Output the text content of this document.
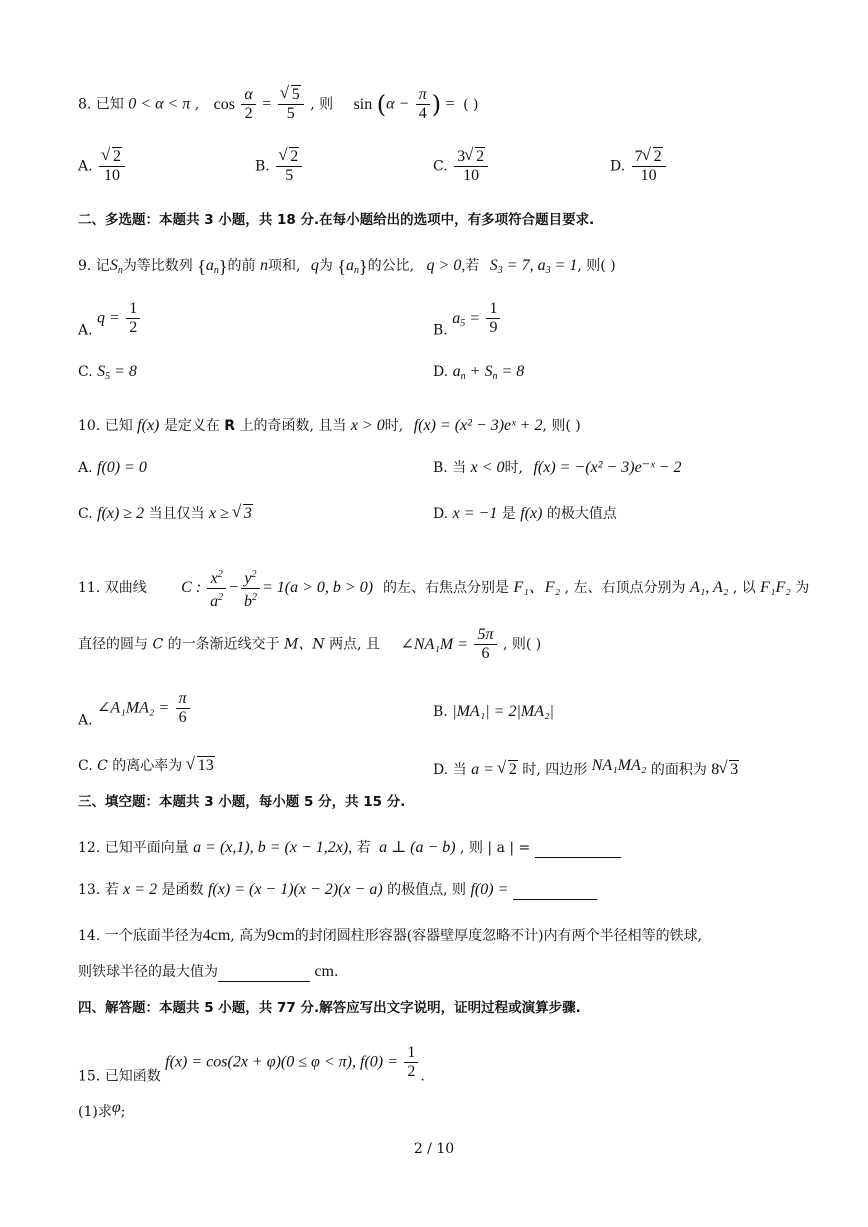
8. 已知 0 < α < π , $\cos \frac{\alpha}{2}$ = √ $\frac{5}{5}$ , 则 $\sin (\alpha - \frac{\pi}{4}$ ) = ( )
A. √ $\frac{2}{10}$	B. √ $\frac{2}{5}$	C. $\frac{3 √ 2}{10}$	D. $\frac{7 √ 2}{10}$
二、多选题：本题共 3 小题，共 18 分.在每小题给出的选项中，有多项符合题目要求.
9. 记$S_n$为等比数列 $\{a_n\}$的前 n项和, q为 $\{a_n\}$的公比, q > 0,若 $S_3 = 7$, $a_3 = 1$, 则( )
A. $q = \frac{1}{2}$	B. $a_5 = \frac{1}{9}$
C. $S_5 = 8$	D. $a_n + S_n = 8$
10. 已知 f(x) 是定义在 R 上的奇函数, 且当 x > 0时, f(x) = (x² − 3)eˣ + 2, 则( )
A. f(0) = 0	B. 当 x < 0时, f(x) = −(x² − 3)e⁻ˣ − 2
C. f(x) ≥ 2 当且仅当 x ≥ √ 3	D. x = −1 是 f(x) 的极大值点
11. 双曲线 C : $\frac{x^2}{a^2} - \frac{y^2}{b^2} = 1(a > 0$, b > 0) 的左、右焦点分别是 F₁、F₂ , 左、右顶点分别为 A₁, A₂ , 以 F₁F₂ 为
直径的圆与 C 的一条渐近线交于 M、N 两点, 且 ∠NA₁M = $\frac{5\pi}{6}$ , 则( )
A. ∠A₁MA₂ = $\frac{\pi}{6}$	B. |MA₁| = 2|MA₂|
C. C 的离心率为 √ 13	D. 当 a = √ 2 时, 四边形 NA₁MA₂ 的面积为 8 √ 3
三、填空题：本题共 3 小题，每小题 5 分，共 15 分.
12. 已知平面向量 a = (x,1), b = (x − 1,2x), 若 a ⊥ (a − b) , 则 | a | =
13. 若 x = 2 是函数 f(x) = (x − 1)(x − 2)(x − a) 的极值点, 则 f(0) =
14. 一个底面半径为4cm, 高为9cm的封闭圆柱形容器(容器壁厚度忽略不计)内有两个半径相等的铁球,
则铁球半径的最大值为	cm.
四、解答题：本题共 5 小题，共 77 分.解答应写出文字说明，证明过程或演算步骤.
15. 已知函数 f(x) = cos(2x + φ)(0 ≤ φ < π), $f(0) = \frac{1}{2}$ .
(1)求φ;
2 / 10
